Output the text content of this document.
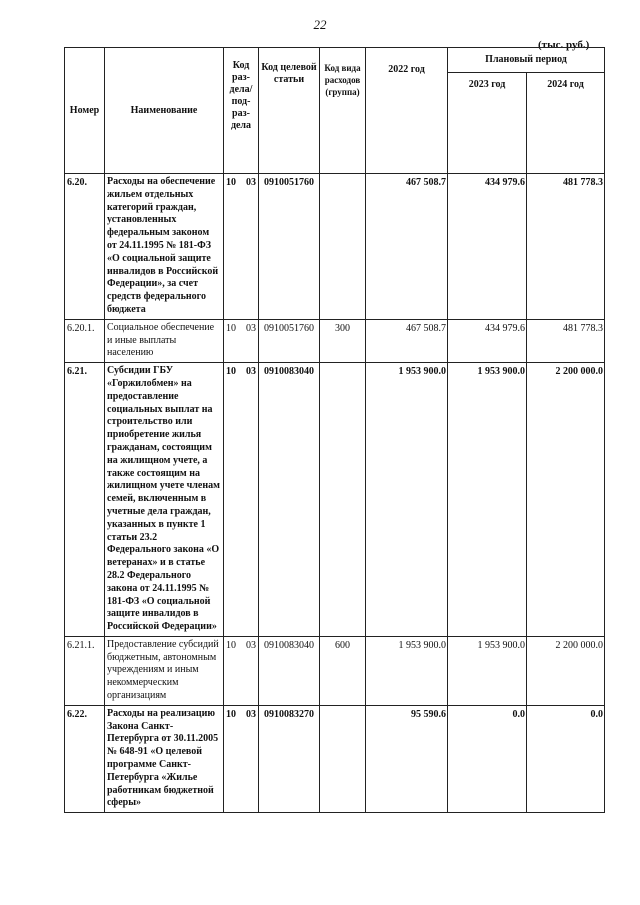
22
(тыс. руб.)
Номер	Наименование	Код раз- дела/ под- раз- дела	Код целевой статьи	Код вида расходов (группа)	2022 год	Плановый период	
						2023 год	2024 год
6.20.	Расходы на обеспечение жильем отдельных категорий граждан, установленных федеральным законом от 24.11.1995 № 181-ФЗ «О социальной защите инвалидов в Российской Федерации», за счет средств федерального бюджета	10 03	0910051760		467 508.7	434 979.6	481 778.3
6.20.1.	Социальное обеспечение и иные выплаты населению	10 03	0910051760	300	467 508.7	434 979.6	481 778.3
6.21.	Субсидии ГБУ «Горжилобмен» на предоставление социальных выплат на строительство или приобретение жилья гражданам, состоящим на жилищном учете, а также состоящим на жилищном учете членам семей, включенным в учетные дела граждан, указанных в пункте 1 статьи 23.2 Федерального закона «О ветеранах» и в статье 28.2 Федерального закона от 24.11.1995 № 181-ФЗ «О социальной защите инвалидов в Российской Федерации»	10 03	0910083040		1 953 900.0	1 953 900.0	2 200 000.0
6.21.1.	Предоставление субсидий бюджетным, автономным учреждениям и иным некоммерческим организациям	10 03	0910083040	600	1 953 900.0	1 953 900.0	2 200 000.0
6.22.	Расходы на реализацию Закона Санкт-Петербурга от 30.11.2005 № 648-91 «О целевой программе Санкт-Петербурга «Жилье работникам бюджетной сферы»	10 03	0910083270		95 590.6	0.0	0.0
